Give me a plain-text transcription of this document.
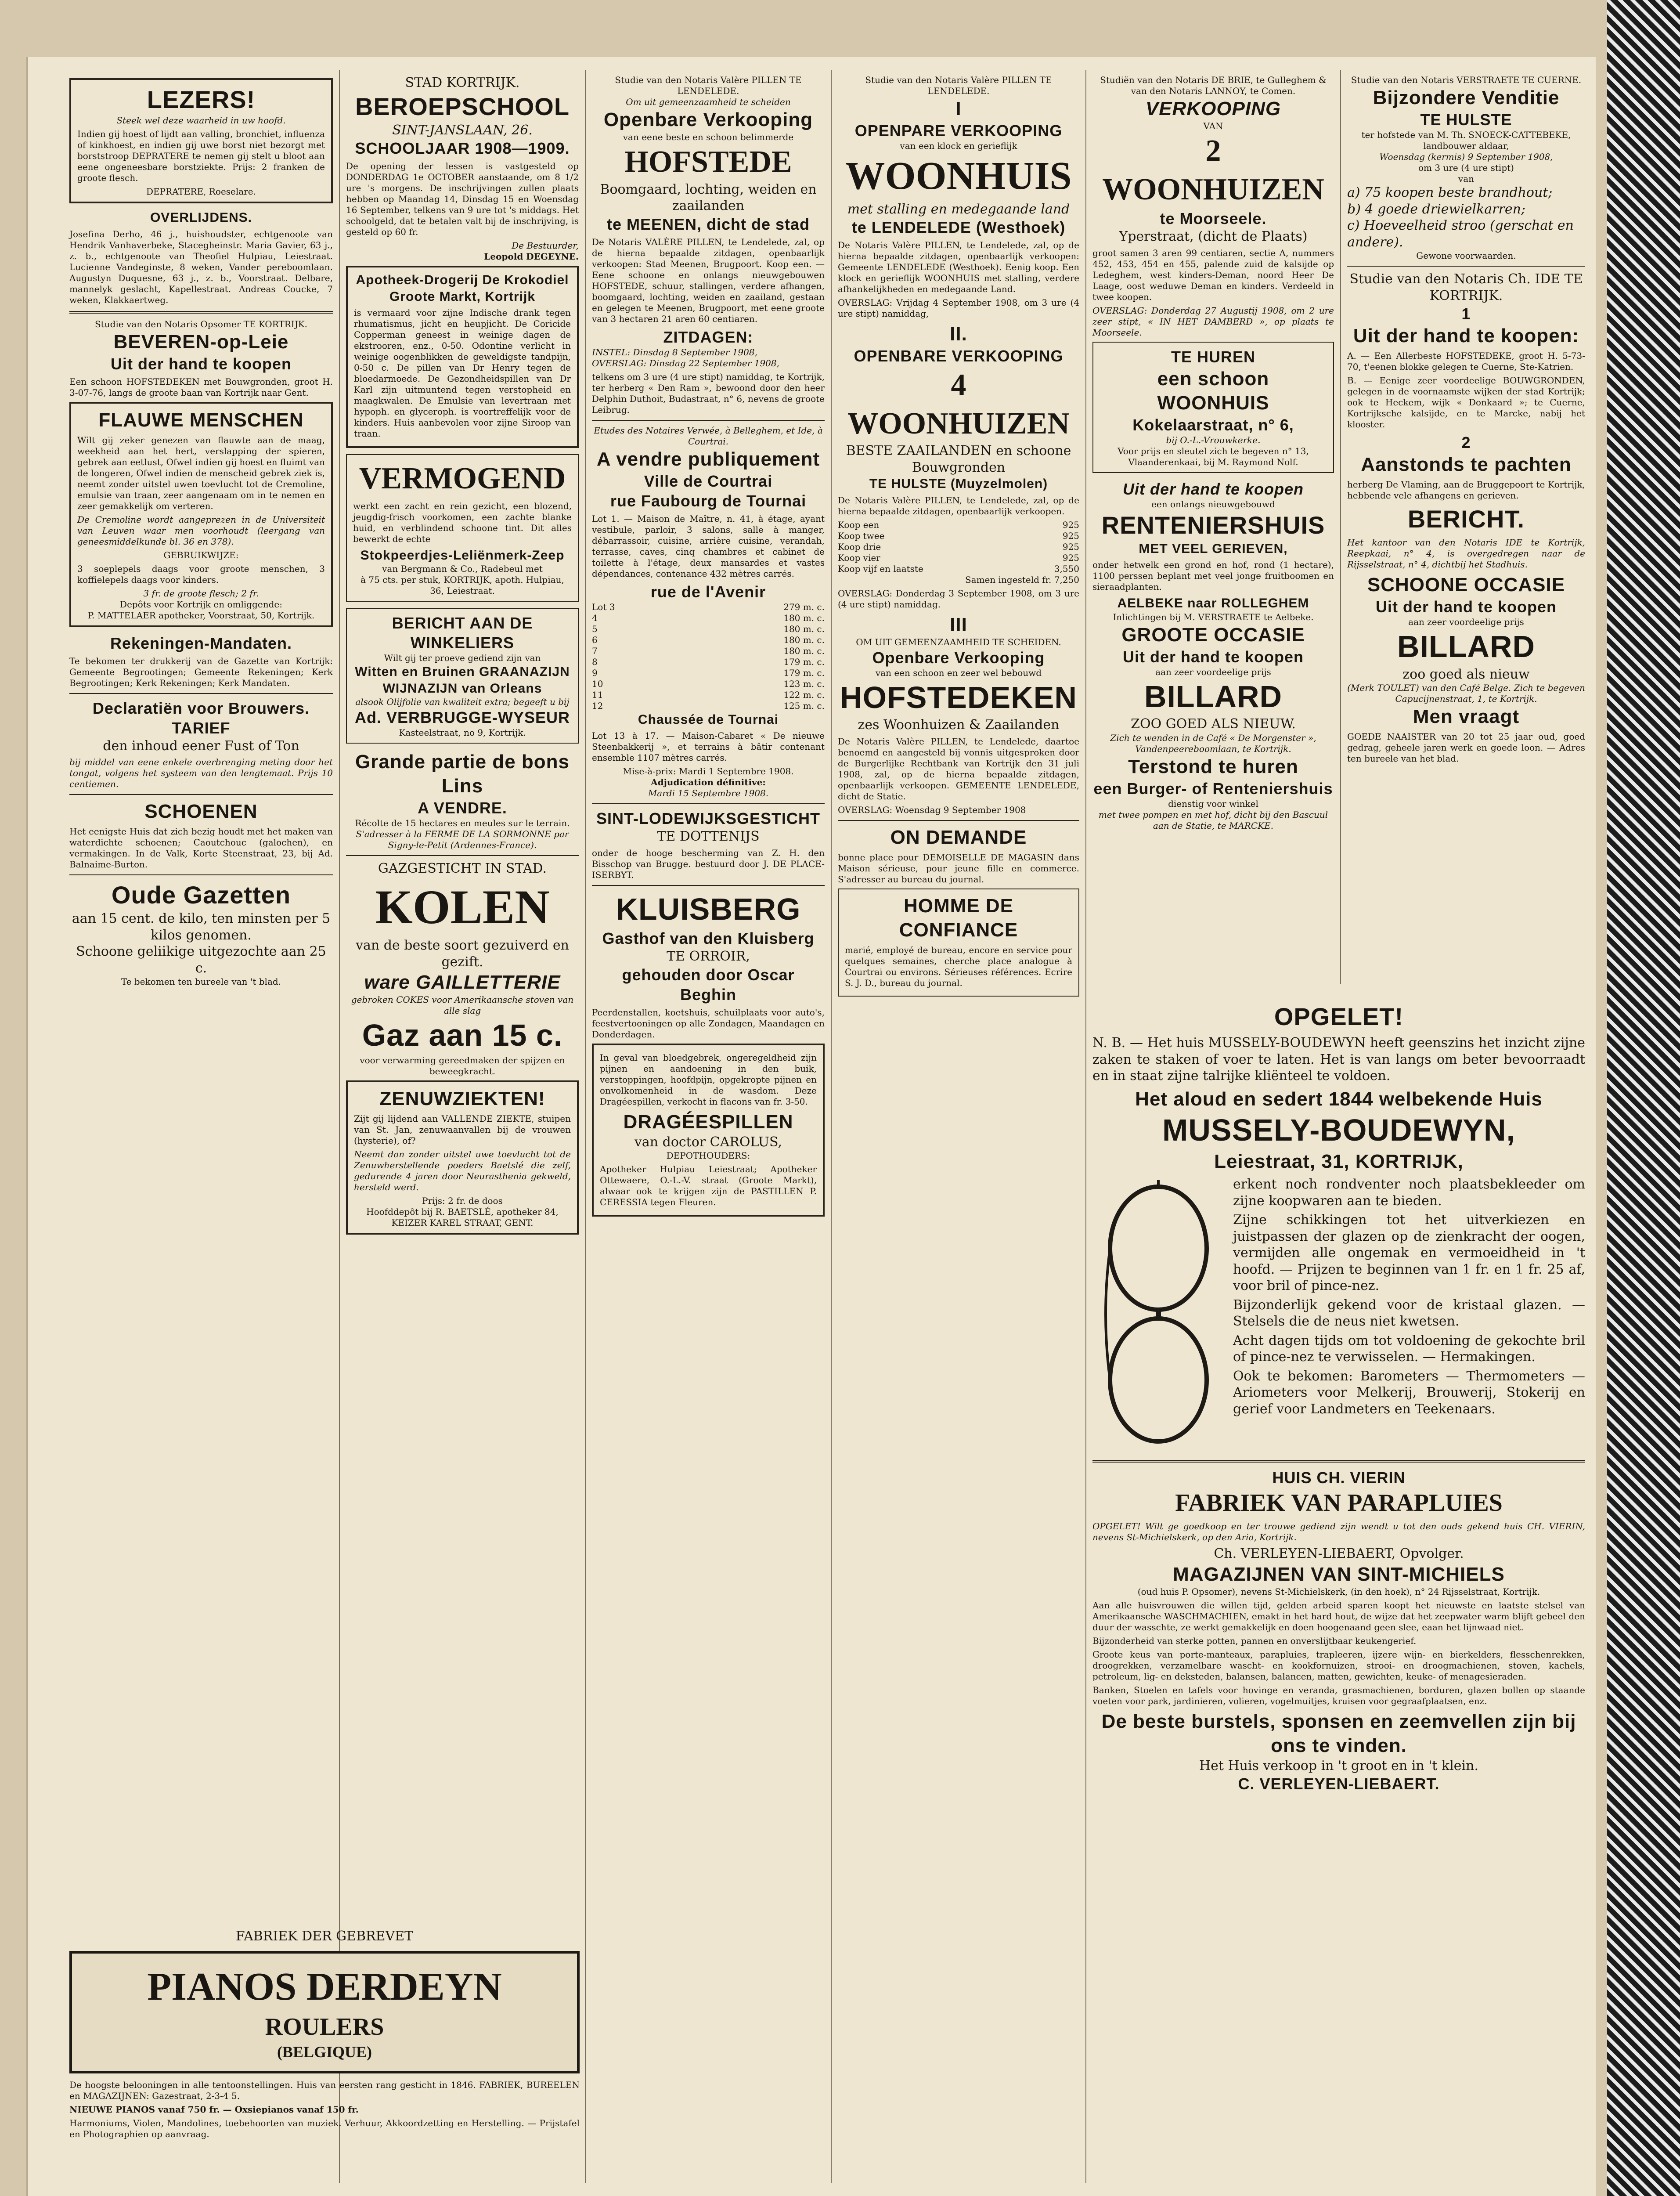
LEZERS!
Steek wel deze waarheid in uw hoofd.
Indien gij hoest of lijdt aan valling, bronchiet, influenza of kinkhoest, en indien gij uwe borst niet bezorgt met borststroop DEPRATERE te nemen gij stelt u bloot aan eene ongeneesbare borstziekte. Prijs: 2 franken de groote flesch.
DEPRATERE, Roeselare.
OVERLIJDENS.
Josefina Derho, 46 j., huishoudster, echtgenoote van Hendrik Vanhaverbeke, Stacegheinstr. Maria Gavier, 63 j., z. b., echtgenoote van Theofiel Hulpiau, Leiestraat. Lucienne Vandeginste, 8 weken, Vander pereboomlaan. Augustyn Duquesne, 63 j., z. b., Voorstraat. Delbare, mannelyk geslacht, Kapellestraat. Andreas Coucke, 7 weken, Klakkaertweg.
Studie van den Notaris Opsomer TE KORTRIJK.
BEVEREN-op-Leie
Uit der hand te koopen
Een schoon HOFSTEDEKEN met Bouwgronden, groot H. 3-07-76, langs de groote baan van Kortrijk naar Gent.
FLAUWE MENSCHEN
Wilt gij zeker genezen van flauwte aan de maag, weekheid aan het hert, verslapping der spieren, gebrek aan eetlust, Ofwel indien gij hoest en fluimt van de longeren, Ofwel indien de menscheid gebrek ziek is, neemt zonder uitstel uwen toevlucht tot de Cremoline, emulsie van traan, zeer aangenaam om in te nemen en zeer gemakkelijk om verteren.
De Cremoline wordt aangeprezen in de Universiteit van Leuven waar men voorhoudt (leergang van geneesmiddelkunde bl. 36 en 378).
GEBRUIKWIJZE:
3 soeplepels daags voor groote menschen, 3 koffielepels daags voor kinders.
3 fr. de groote flesch; 2 fr.
Depôts voor Kortrijk en omliggende:
P. MATTELAER apotheker, Voorstraat, 50, Kortrijk.
Rekeningen-Mandaten.
Te bekomen ter drukkerij van de Gazette van Kortrijk: Gemeente Begrootingen; Gemeente Rekeningen; Kerk Begrootingen; Kerk Rekeningen; Kerk Mandaten.
Declaratiën voor Brouwers.
TARIEF
den inhoud eener Fust of Ton
bij middel van eene enkele overbrenging meting door het tongat, volgens het systeem van den lengtemaat. Prijs 10 centiemen.
SCHOENEN
Het eenigste Huis dat zich bezig houdt met het maken van waterdichte schoenen; Caoutchouc (galochen), en vermakingen. In de Valk, Korte Steenstraat, 23, bij Ad. Balnaime-Burton.
Oude Gazetten
aan 15 cent. de kilo, ten minsten per 5 kilos genomen.
Schoone geliikige uitgezochte aan 25 c.
Te bekomen ten bureele van 't blad.
STAD KORTRIJK.
BEROEPSCHOOL
SINT-JANSLAAN, 26.
SCHOOLJAAR 1908—1909.
De opening der lessen is vastgesteld op DONDERDAG 1e OCTOBER aanstaande, om 8 1/2 ure 's morgens. De inschrijvingen zullen plaats hebben op Maandag 14, Dinsdag 15 en Woensdag 16 September, telkens van 9 ure tot 's middags. Het schoolgeld, dat te betalen valt bij de inschrijving, is gesteld op 60 fr.
De Bestuurder,
Leopold DEGEYNE.
Apotheek-Drogerij De Krokodiel
Groote Markt, Kortrijk
is vermaard voor zijne Indische drank tegen rhumatismus, jicht en heupjicht. De Coricide Copperman geneest in weinige dagen de ekstrooren, enz., 0-50. Odontine verlicht in weinige oogenblikken de geweldigste tandpijn, 0-50 c. De pillen van Dr Henry tegen de bloedarmoede. De Gezondheidspillen van Dr Karl zijn uitmuntend tegen verstopheid en maagkwalen. De Emulsie van levertraan met hypoph. en glyceroph. is voortreffelijk voor de kinders. Huis aanbevolen voor zijne Siroop van traan.
VERMOGEND
werkt een zacht en rein gezicht, een blozend, jeugdig-frisch voorkomen, een zachte blanke huid, en verblindend schoone tint. Dit alles bewerkt de echte
Stokpeerdjes-Leliënmerk-Zeep
van Bergmann & Co., Radebeul met
à 75 cts. per stuk, KORTRIJK, apoth. Hulpiau, 36, Leiestraat.
BERICHT AAN DE WINKELIERS
Wilt gij ter proeve gediend zijn van
Witten en Bruinen GRAANAZIJN
WIJNAZIJN van Orleans
alsook Olijfolie van kwaliteit extra; begeeft u bij
Ad. VERBRUGGE-WYSEUR
Kasteelstraat, no 9, Kortrijk.
Grande partie de bons Lins
A VENDRE.
Récolte de 15 hectares en meules sur le terrain.
S'adresser à la FERME DE LA SORMONNE par Signy-le-Petit (Ardennes-France).
GAZGESTICHT IN STAD.
KOLEN
van de beste soort gezuiverd en gezift.
ware GAILLETTERIE
gebroken COKES voor Amerikaansche stoven van alle slag
Gaz aan 15 c.
voor verwarming gereedmaken der spijzen en beweegkracht.
ZENUWZIEKTEN!
Zijt gij lijdend aan VALLENDE ZIEKTE, stuipen van St. Jan, zenuwaanvallen bij de vrouwen (hysterie), of?
Neemt dan zonder uitstel uwe toevlucht tot de Zenuwherstellende poeders Baetslé die zelf, gedurende 4 jaren door Neurasthenia gekweld, hersteld werd.
Prijs: 2 fr. de doos
Hoofddepôt bij R. BAETSLÉ, apotheker 84, KEIZER KAREL STRAAT, GENT.
Studie van den Notaris Valère PILLEN TE LENDELEDE.
Om uit gemeenzaamheid te scheiden
Openbare Verkooping
van eene beste en schoon belimmerde
HOFSTEDE
Boomgaard, lochting, weiden en zaailanden
te MEENEN, dicht de stad
De Notaris VALÈRE PILLEN, te Lendelede, zal, op de hierna bepaalde zitdagen, openbaarlijk verkoopen: Stad Meenen, Brugpoort. Koop een. — Eene schoone en onlangs nieuwgebouwen HOFSTEDE, schuur, stallingen, verdere afhangen, boomgaard, lochting, weiden en zaailand, gestaan en gelegen te Meenen, Brugpoort, met eene groote van 3 hectaren 21 aren 60 centiaren.
ZITDAGEN:
INSTEL: Dinsdag 8 September 1908,
OVERSLAG: Dinsdag 22 September 1908,
telkens om 3 ure (4 ure stipt) namiddag, te Kortrijk, ter herberg « Den Ram », bewoond door den heer Delphin Duthoit, Budastraat, n° 6, nevens de groote Leibrug.
Etudes des Notaires Verwée, à Belleghem, et Ide, à Courtrai.
A vendre publiquement
Ville de Courtrai
rue Faubourg de Tournai
Lot 1. — Maison de Maître, n. 41, à étage, ayant vestibule, parloir, 3 salons, salle à manger, débarrassoir, cuisine, arrière cuisine, verandah, terrasse, caves, cinq chambres et cabinet de toilette à l'étage, deux mansardes et vastes dépendances, contenance 432 mètres carrés.
rue de l'Avenir
Lot 3	279 m. c.
4	180 m. c.
5	180 m. c.
6	180 m. c.
7	180 m. c.
8	179 m. c.
9	179 m. c.
10	123 m. c.
11	122 m. c.
12	125 m. c.
Chaussée de Tournai
Lot 13 à 17. — Maison-Cabaret « De nieuwe Steenbakkerij », et terrains à bâtir contenant ensemble 1107 mètres carrés.
Mise-à-prix: Mardi 1 Septembre 1908.
Adjudication définitive:
Mardi 15 Septembre 1908.
SINT-LODEWIJKSGESTICHT
TE DOTTENIJS
onder de hooge bescherming van Z. H. den Bisschop van Brugge. bestuurd door J. DE PLACE-ISERBYT.
KLUISBERG
Gasthof van den Kluisberg
TE ORROIR,
gehouden door Oscar Beghin
Peerdenstallen, koetshuis, schuilplaats voor auto's, feestvertooningen op alle Zondagen, Maandagen en Donderdagen.
In geval van bloedgebrek, ongeregeldheid zijn pijnen en aandoening in den buik, verstoppingen, hoofdpijn, opgekropte pijnen en onvolkomenheid in de wasdom. Deze Dragéespillen, verkocht in flacons van fr. 3-50.
DRAGÉESPILLEN
van doctor CAROLUS,
DEPOTHOUDERS:
Apotheker Hulpiau Leiestraat; Apotheker Ottewaere, O.-L.-V. straat (Groote Markt), alwaar ook te krijgen zijn de PASTILLEN P. CERESSIA tegen Fleuren.
Studie van den Notaris Valère PILLEN TE LENDELEDE.
I
OPENPARE VERKOOPING
van een klock en gerieflijk
WOONHUIS
met stalling en medegaande land
te LENDELEDE (Westhoek)
De Notaris Valère PILLEN, te Lendelede, zal, op de hierna bepaalde zitdagen, openbaarlijk verkoopen: Gemeente LENDELEDE (Westhoek). Eenig koop. Een klock en gerieflijk WOONHUIS met stalling, verdere afhankelijkheden en medegaande Land.
OVERSLAG: Vrijdag 4 September 1908, om 3 ure (4 ure stipt) namiddag,
II.
OPENBARE VERKOOPING
4 WOONHUIZEN
BESTE ZAAILANDEN en schoone Bouwgronden
TE HULSTE (Muyzelmolen)
De Notaris Valère PILLEN, te Lendelede, zal, op de hierna bepaalde zitdagen, openbaarlijk verkoopen.
Koop een	925
Koop twee	925
Koop drie	925
Koop vier	925
Koop vijf en laatste	3,550
Samen ingesteld fr. 7,250
OVERSLAG: Donderdag 3 September 1908, om 3 ure (4 ure stipt) namiddag.
III
OM UIT GEMEENZAAMHEID TE SCHEIDEN.
Openbare Verkooping
van een schoon en zeer wel bebouwd
HOFSTEDEKEN
zes Woonhuizen & Zaailanden
De Notaris Valère PILLEN, te Lendelede, daartoe benoemd en aangesteld bij vonnis uitgesproken door de Burgerlijke Rechtbank van Kortrijk den 31 juli 1908, zal, op de hierna bepaalde zitdagen, openbaarlijk verkoopen. GEMEENTE LENDELEDE, dicht de Statie.
OVERSLAG: Woensdag 9 September 1908
ON DEMANDE
bonne place pour DEMOISELLE DE MAGASIN dans Maison sérieuse, pour jeune fille en commerce. S'adresser au bureau du journal.
HOMME DE CONFIANCE
marié, employé de bureau, encore en service pour quelques semaines, cherche place analogue à Courtrai ou environs. Sérieuses références. Ecrire S. J. D., bureau du journal.
Studiën van den Notaris DE BRIE, te Gulleghem & van den Notaris LANNOY, te Comen.
VERKOOPING
VAN
2 WOONHUIZEN
te Moorseele.
Yperstraat, (dicht de Plaats)
groot samen 3 aren 99 centiaren, sectie A, nummers 452, 453, 454 en 455, palende zuid de kalsijde op Ledeghem, west kinders-Deman, noord Heer De Laage, oost weduwe Deman en kinders. Verdeeld in twee koopen.
OVERSLAG: Donderdag 27 Augustij 1908, om 2 ure zeer stipt, « IN HET DAMBERD », op plaats te Moorseele.
TE HUREN
een schoon WOONHUIS
Kokelaarstraat, n° 6,
bij O.-L.-Vrouwkerke.
Voor prijs en sleutel zich te begeven n° 13, Vlaanderenkaai, bij M. Raymond Nolf.
Uit der hand te koopen
een onlangs nieuwgebouwd
RENTENIERSHUIS
MET VEEL GERIEVEN,
onder hetwelk een grond en hof, rond (1 hectare), 1100 perssen beplant met veel jonge fruitboomen en sieraadplanten.
AELBEKE naar ROLLEGHEM
Inlichtingen bij M. VERSTRAETE te Aelbeke.
GROOTE OCCASIE
Uit der hand te koopen
aan zeer voordeelige prijs
BILLARD
ZOO GOED ALS NIEUW.
Zich te wenden in de Café « De Morgenster », Vandenpeereboomlaan, te Kortrijk.
Terstond te huren
een Burger- of Renteniershuis
dienstig voor winkel
met twee pompen en met hof, dicht bij den Bascuul aan de Statie, te MARCKE.
Studie van den Notaris VERSTRAETE TE CUERNE.
Bijzondere Venditie
TE HULSTE
ter hofstede van M. Th. SNOECK-CATTEBEKE, landbouwer aldaar,
Woensdag (kermis) 9 September 1908,
om 3 ure (4 ure stipt)
van
a) 75 koopen beste brandhout;
b) 4 goede driewielkarren;
c) Hoeveelheid stroo (gerschat en andere).
Gewone voorwaarden.
Studie van den Notaris Ch. IDE TE KORTRIJK.
1
Uit der hand te koopen:
A. — Een Allerbeste HOFSTEDEKE, groot H. 5-73-70, t'eenen blokke gelegen te Cuerne, Ste-Katrien.
B. — Eenige zeer voordeelige BOUWGRONDEN, gelegen in de voornaamste wijken der stad Kortrijk; ook te Heckem, wijk « Donkaard »; te Cuerne, Kortrijksche kalsijde, en te Marcke, nabij het klooster.
2
Aanstonds te pachten
herberg De Vlaming, aan de Bruggepoort te Kortrijk, hebbende vele afhangens en gerieven.
BERICHT.
Het kantoor van den Notaris IDE te Kortrijk, Reepkaai, n° 4, is overgedregen naar de Rijsselstraat, n° 4, dichtbij het Stadhuis.
SCHOONE OCCASIE
Uit der hand te koopen
aan zeer voordeelige prijs
BILLARD
zoo goed als nieuw
(Merk TOULET) van den Café Belge. Zich te begeven Capucijnenstraat, 1, te Kortrijk.
Men vraagt
GOEDE NAAISTER van 20 tot 25 jaar oud, goed gedrag, geheele jaren werk en goede loon. — Adres ten bureele van het blad.
OPGELET!
N. B. — Het huis MUSSELY-BOUDEWYN heeft geenszins het inzicht zijne zaken te staken of voer te laten. Het is van langs om beter bevoorraadt en in staat zijne talrijke kliënteel te voldoen.
Het aloud en sedert 1844 welbekende Huis
MUSSELY-BOUDEWYN,
Leiestraat, 31, KORTRIJK,
erkent noch rondventer noch plaatsbekleeder om zijne koopwaren aan te bieden.
Zijne schikkingen tot het uitverkiezen en juistpassen der glazen op de zienkracht der oogen, vermijden alle ongemak en vermoeidheid in 't hoofd. — Prijzen te beginnen van 1 fr. en 1 fr. 25 af, voor bril of pince-nez.
Bijzonderlijk gekend voor de kristaal glazen. — Stelsels die de neus niet kwetsen.
Acht dagen tijds om tot voldoening de gekochte bril of pince-nez te verwisselen. — Hermakingen.
Ook te bekomen: Barometers — Thermometers — Ariometers voor Melkerij, Brouwerij, Stokerij en gerief voor Landmeters en Teekenaars.
HUIS CH. VIERIN
FABRIEK VAN PARAPLUIES
OPGELET! Wilt ge goedkoop en ter trouwe gediend zijn wendt u tot den ouds gekend huis CH. VIERIN, nevens St-Michielskerk, op den Aria, Kortrijk.
Ch. VERLEYEN-LIEBAERT, Opvolger.
MAGAZIJNEN VAN SINT-MICHIELS
(oud huis P. Opsomer), nevens St-Michielskerk, (in den hoek), n° 24 Rijsselstraat, Kortrijk.
Aan alle huisvrouwen die willen tijd, gelden arbeid sparen koopt het nieuwste en laatste stelsel van Amerikaansche WASCHMACHIEN, emakt in het hard hout, de wijze dat het zeepwater warm blijft gebeel den duur der wasschte, ze werkt gemakkelijk en doen hoogenaand geen slee, eaan het lijnwaad niet.
Bijzonderheid van sterke potten, pannen en onverslijtbaar keukengerief.
Groote keus van porte-manteaux, parapluies, trapleeren, ijzere wijn- en bierkelders, flesschenrekken, droogrekken, verzamelbare wascht- en kookfornuizen, strooi- en droogmachienen, stoven, kachels, petroleum, lig- en deksteden, balansen, balancen, matten, gewichten, keuke- of menagesieraden.
Banken, Stoelen en tafels voor hovinge en veranda, grasmachienen, borduren, glazen bollen op staande voeten voor park, jardinieren, volieren, vogelmuitjes, kruisen voor gegraafplaatsen, enz.
De beste burstels, sponsen en zeemvellen zijn bij ons te vinden.
Het Huis verkoop in 't groot en in 't klein.
C. VERLEYEN-LIEBAERT.
FABRIEK DER GEBREVET
PIANOS DERDEYN
ROULERS
(BELGIQUE)
De hoogste belooningen in alle tentoonstellingen. Huis van eersten rang gesticht in 1846. FABRIEK, BUREELEN en MAGAZIJNEN: Gazestraat, 2-3-4 5.
NIEUWE PIANOS vanaf 750 fr. — Oxsiepianos vanaf 150 fr.
Harmoniums, Violen, Mandolines, toebehoorten van muziek. Verhuur, Akkoordzetting en Herstelling. — Prijstafel en Photographien op aanvraag.
